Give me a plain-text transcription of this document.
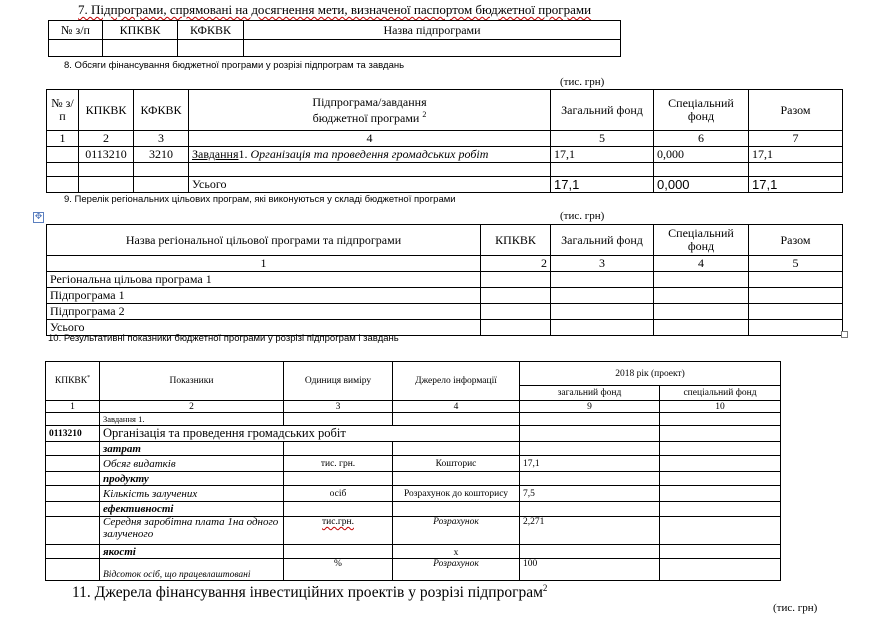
7. Підпрограми, спрямовані на досягнення мети, визначеної паспортом бюджетної програми
№ з/п	КПКВК	КФКВК	Назва підпрограми

8. Обсяги фінансування бюджетної програми у розрізі підпрограм та завдань
(тис. грн)
№ з/п	КПКВК	КФКВК	Підпрограма/завдання
бюджетної програми $^2$	Загальний фонд	Спеціальний фонд	Разом
1	2	3	4	5	6	7
	0113210	3210	Завдання1. Організація та проведення громадських робіт	17,1	0,000	17,1

			Усього	17,1	0,000	17,1
9. Перелік регіональних цільових програм, які виконуються у складі бюджетної програми
✥	(тис. грн)
Назва регіональної цільової програми та підпрограми	КПКВК	Загальний фонд	Спеціальний фонд	Разом
1	2	3	4	5
Регіональна цільова програма 1				
Підпрограма 1				
Підпрограма 2				
Усього				
10. Результативні показники бюджетної програми у розрізі підпрограм і завдань
КПКВК*	Показники	Одиниця виміру	Джерело інформації	2018 рік (проект)	
				загальний фонд	спеціальний фонд
1	2	3	4	9	10
	Завдання 1.				
0113210	Організація та проведення громадських робіт				
	затрат				
	Обсяг видатків	тис. грн.	Кошторис	17,1	
	продукту				
	Кількість залучених	осіб	Розрахунок до кошторису	7,5	
	ефективності				
	Середня заробітна плата 1на одного залученого	тис.грн.	Розрахунок	2,271	
	якості		х		
	Відсоток осіб, що працевлаштовані	%	Розрахунок	100	
11. Джерела фінансування інвестиційних проектів у розрізі підпрограм$^2$
(тис. грн)
